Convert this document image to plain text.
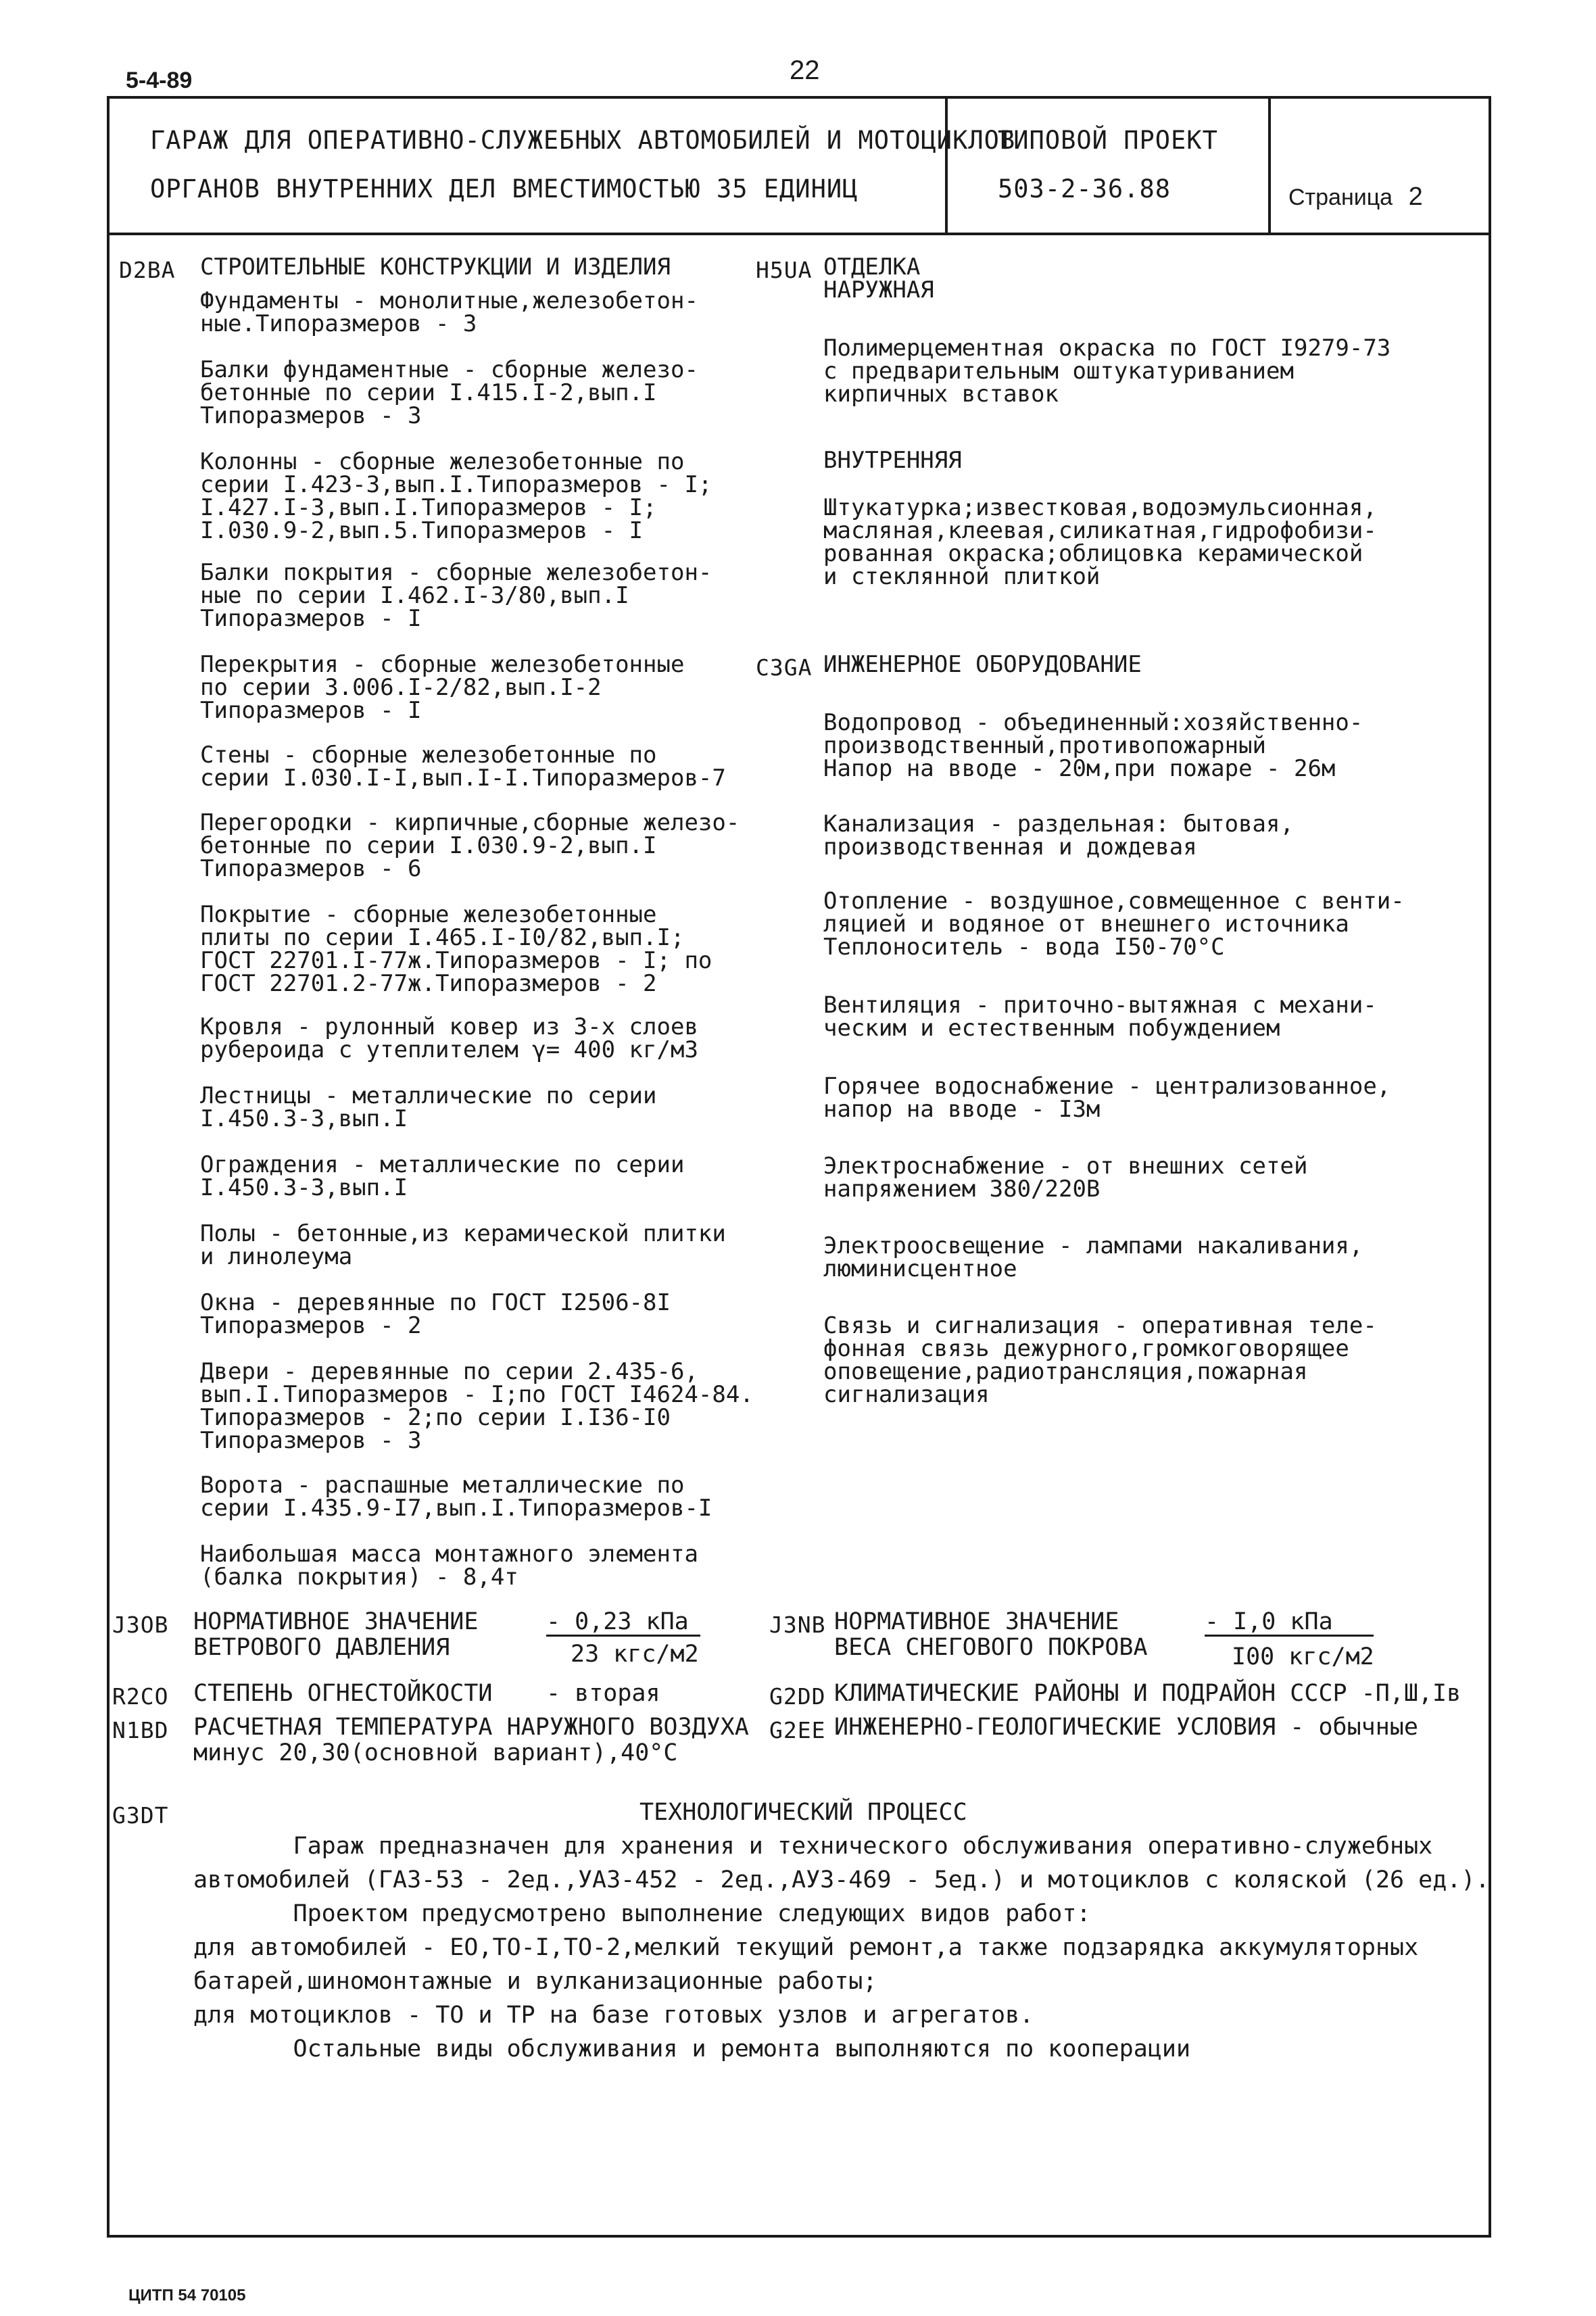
5-4-89	22
ГАРАЖ ДЛЯ ОПЕРАТИВНО-СЛУЖЕБНЫХ АВТОМОБИЛЕЙ И МОТОЦИКЛОВ
ОРГАНОВ ВНУТРЕННИХ ДЕЛ ВМЕСТИМОСТЬЮ 35 ЕДИНИЦ
ТИПОВОЙ ПРОЕКТ
503-2-36.88	Страница 2
D2BA СТРОИТЕЛЬНЫЕ КОНСТРУКЦИИ И ИЗДЕЛИЯ
Фундаменты - монолитные,железобетон-
ные.Типоразмеров - 3
Балки фундаментные - сборные железо-
бетонные по серии I.415.I-2,вып.I
Типоразмеров - 3
Колонны - сборные железобетонные по
серии I.423-3,вып.I.Типоразмеров - I;
I.427.I-3,вып.I.Типоразмеров - I;
I.030.9-2,вып.5.Типоразмеров - I
Балки покрытия - сборные железобетон-
ные по серии I.462.I-3/80,вып.I
Типоразмеров - I
Перекрытия - сборные железобетонные
по серии 3.006.I-2/82,вып.I-2
Типоразмеров - I
Стены - сборные железобетонные по
серии I.030.I-I,вып.I-I.Типоразмеров-7
Перегородки - кирпичные,сборные железо-
бетонные по серии I.030.9-2,вып.I
Типоразмеров - 6
Покрытие - сборные железобетонные
плиты по серии I.465.I-I0/82,вып.I;
ГОСТ 22701.I-77ж.Типоразмеров - I; по
ГОСТ 22701.2-77ж.Типоразмеров - 2
Кровля - рулонный ковер из 3-х слоев
рубероида с утеплителем γ= 400 кг/м3
Лестницы - металлические по серии
I.450.3-3,вып.I
Ограждения - металлические по серии
I.450.3-3,вып.I
Полы - бетонные,из керамической плитки
и линолеума
Окна - деревянные по ГОСТ I2506-8I
Типоразмеров - 2
Двери - деревянные по серии 2.435-6,
вып.I.Типоразмеров - I;по ГОСТ I4624-84.
Типоразмеров - 2;по серии I.I36-I0
Типоразмеров - 3
Ворота - распашные металлические по
серии I.435.9-I7,вып.I.Типоразмеров-I
Наибольшая масса монтажного элемента
(балка покрытия) - 8,4т
H5UA ОТДЕЛКА
НАРУЖНАЯ
Полимерцементная окраска по ГОСТ I9279-73
с предварительным оштукатуриванием
кирпичных вставок
ВНУТРЕННЯЯ
Штукатурка;известковая,водоэмульсионная,
масляная,клеевая,силикатная,гидрофобизи-
рованная окраска;облицовка керамической
и стеклянной плиткой
C3GA ИНЖЕНЕРНОЕ ОБОРУДОВАНИЕ
Водопровод - объединенный:хозяйственно-
производственный,противопожарный
Напор на вводе - 20м,при пожаре - 26м
Канализация - раздельная: бытовая,
производственная и дождевая
Отопление - воздушное,совмещенное с венти-
ляцией и водяное от внешнего источника
Теплоноситель - вода I50-70°С
Вентиляция - приточно-вытяжная с механи-
ческим и естественным побуждением
Горячее водоснабжение - централизованное,
напор на вводе - I3м
Электроснабжение - от внешних сетей
напряжением 380/220В
Электроосвещение - лампами накаливания,
люминисцентное
Связь и сигнализация - оперативная теле-
фонная связь дежурного,громкоговорящее
оповещение,радиотрансляция,пожарная
сигнализация
J3OB НОРМАТИВНОЕ ЗНАЧЕНИЕ
ВЕТРОВОГО ДАВЛЕНИЯ
- 0,23 кПа
23 кгс/м2
J3NB НОРМАТИВНОЕ ЗНАЧЕНИЕ
ВЕСА СНЕГОВОГО ПОКРОВА
- I,0 кПа
I00 кгс/м2
R2CO СТЕПЕНЬ ОГНЕСТОЙКОСТИ - вторая	G2DD КЛИМАТИЧЕСКИЕ РАЙОНЫ И ПОДРАЙОН СССР -П,Ш,Iв
N1BD РАСЧЕТНАЯ ТЕМПЕРАТУРА НАРУЖНОГО ВОЗДУХА
минус 20,30(основной вариант),40°С
G2EE ИНЖЕНЕРНО-ГЕОЛОГИЧЕСКИЕ УСЛОВИЯ - обычные
G3DT	ТЕХНОЛОГИЧЕСКИЙ ПРОЦЕСС
Гараж предназначен для хранения и технического обслуживания оперативно-служебных
автомобилей (ГАЗ-53 - 2ед.,УАЗ-452 - 2ед.,АУЗ-469 - 5ед.) и мотоциклов с коляской (26 ед.).
Проектом предусмотрено выполнение следующих видов работ:
для автомобилей - ЕО,ТО-I,ТО-2,мелкий текущий ремонт,а также подзарядка аккумуляторных
батарей,шиномонтажные и вулканизационные работы;
для мотоциклов - ТО и ТР на базе готовых узлов и агрегатов.
Остальные виды обслуживания и ремонта выполняются по кооперации
ЦИТП 54 70105
